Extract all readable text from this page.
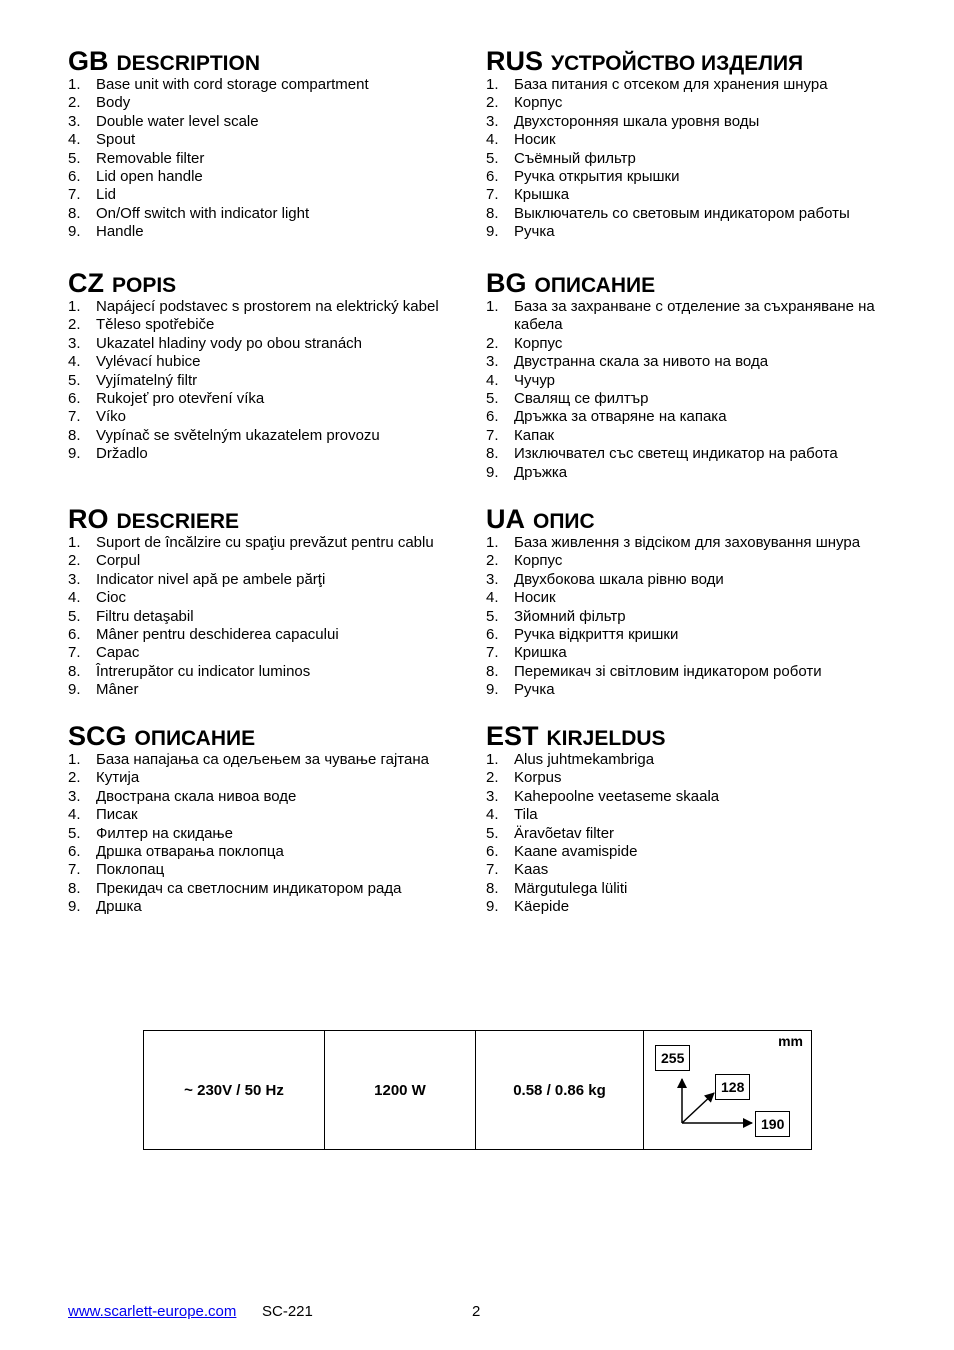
GB DESCRIPTION
1. Base unit with cord storage compartment
2. Body
3. Double water level scale
4. Spout
5. Removable filter
6. Lid open handle
7. Lid
8. On/Off switch with indicator light
9. Handle
RUS УСТРОЙСТВО ИЗДЕЛИЯ
1. База питания с отсеком для хранения шнура
2. Корпус
3. Двухсторонняя шкала уровня воды
4. Носик
5. Съёмный фильтр
6. Ручка открытия крышки
7. Крышка
8. Выключатель со световым индикатором работы
9. Ручка
CZ POPIS
1. Napájecí podstavec s prostorem na elektrický kabel
2. Těleso spotřebiče
3. Ukazatel hladiny vody po obou stranách
4. Vylévací hubice
5. Vyjímatelný filtr
6. Rukojeť pro otevření víka
7. Víko
8. Vypínač se světelným ukazatelem provozu
9. Držadlo
BG ОПИСАНИЕ
1. База за захранване с отделение за съхраняване на кабела
2. Корпус
3. Двустранна скала за нивото на вода
4. Чучур
5. Свалящ се филтър
6. Дръжка за отваряне на капака
7. Капак
8. Изключвател със светещ индикатор на работа
9. Дръжка
RO DESCRIERE
1. Suport de încălzire cu spaţiu prevăzut pentru cablu
2. Corpul
3. Indicator nivel apă pe ambele părţi
4. Cioc
5. Filtru detaşabil
6. Mâner pentru deschiderea capacului
7. Capac
8. Întrerupător cu indicator luminos
9. Mâner
UA ОПИС
1. База живлення з відсіком для заховування шнура
2. Корпус
3. Двухбокова шкала рівню води
4. Носик
5. Зйомний фільтр
6. Ручка відкриття кришки
7. Кришка
8. Перемикач зі світловим індикатором роботи
9. Ручка
SCG ОПИСАНИЕ
1. База напајања са одељењем за чување гајтана
2. Кутија
3. Двострана скала нивоа воде
4. Писак
5. Филтер на скидање
6. Дршка отварања поклопца
7. Поклопац
8. Прекидач са светлосним индикатором рада
9. Дршка
EST KIRJELDUS
1. Alus juhtmekambriga
2. Korpus
3. Kahepoolne veetaseme skaala
4. Tila
5. Äravõetav filter
6. Kaane avamispide
7. Kaas
8. Märgutulega lüliti
9. Käepide
~ 230V / 50 Hz	1200 W	0.58 / 0.86 kg	
mm
255
128
190
www.scarlett-europe.com SC-221	2
